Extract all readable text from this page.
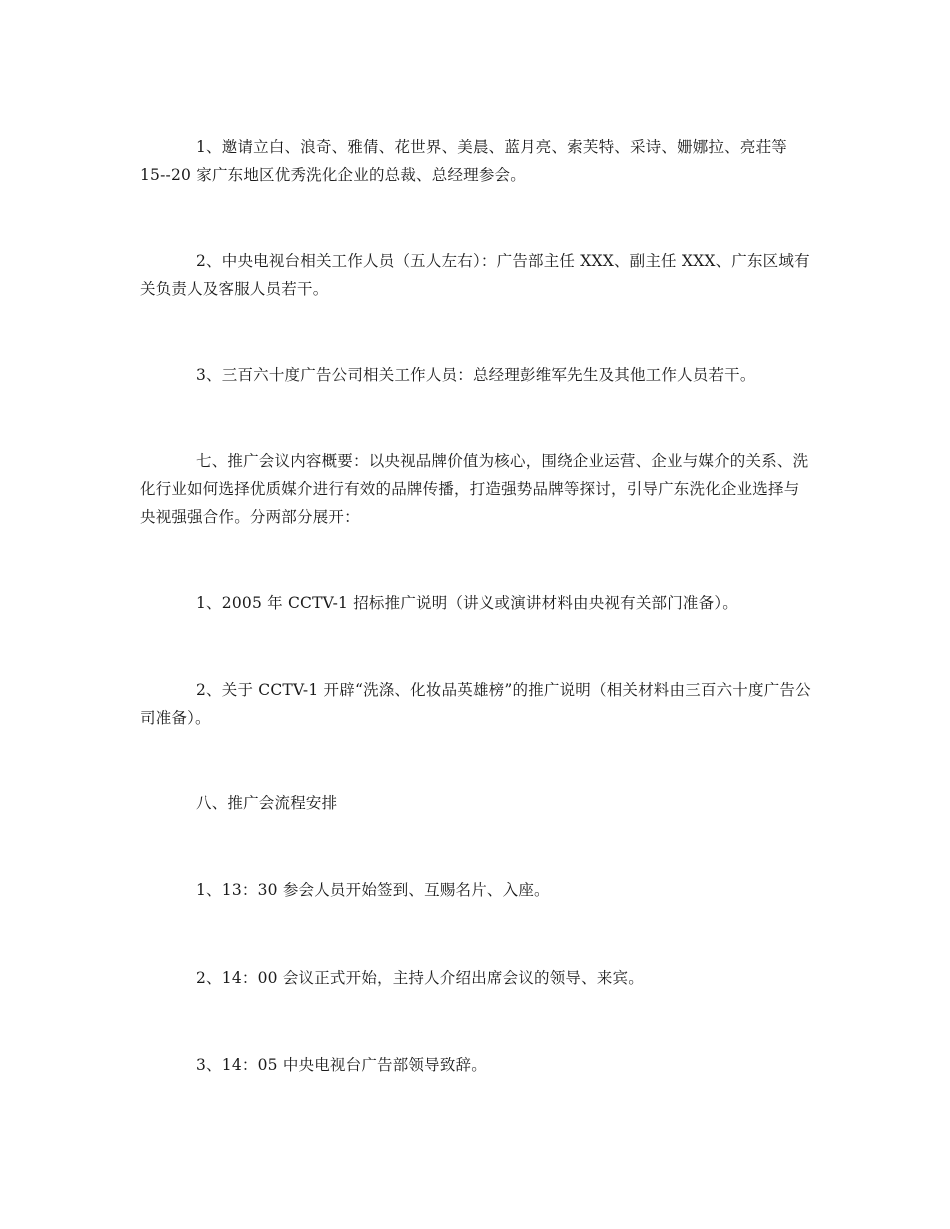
1、邀请立白、浪奇、雅倩、花世界、美晨、蓝月亮、索芙特、采诗、姗娜拉、亮荘等 15--20 家广东地区优秀洗化企业的总裁、总经理参会。

2、中央电视台相关工作人员（五人左右）：广告部主任 XXX、副主任 XXX、广东区域有关负责人及客服人员若干。

3、三百六十度广告公司相关工作人员：总经理彭维军先生及其他工作人员若干。

七、推广会议内容概要：以央视品牌价值为核心，围绕企业运营、企业与媒介的关系、洗化行业如何选择优质媒介进行有效的品牌传播，打造强势品牌等探讨，引导广东洗化企业选择与央视强强合作。分两部分展开：

1、2005 年 CCTV-1 招标推广说明（讲义或演讲材料由央视有关部门准备）。

2、关于 CCTV-1 开辟“洗涤、化妆品英雄榜”的推广说明（相关材料由三百六十度广告公司准备）。

八、推广会流程安排

1、13：30 参会人员开始签到、互赐名片、入座。

2、14：00 会议正式开始，主持人介绍出席会议的领导、来宾。

3、14：05 中央电视台广告部领导致辞。
